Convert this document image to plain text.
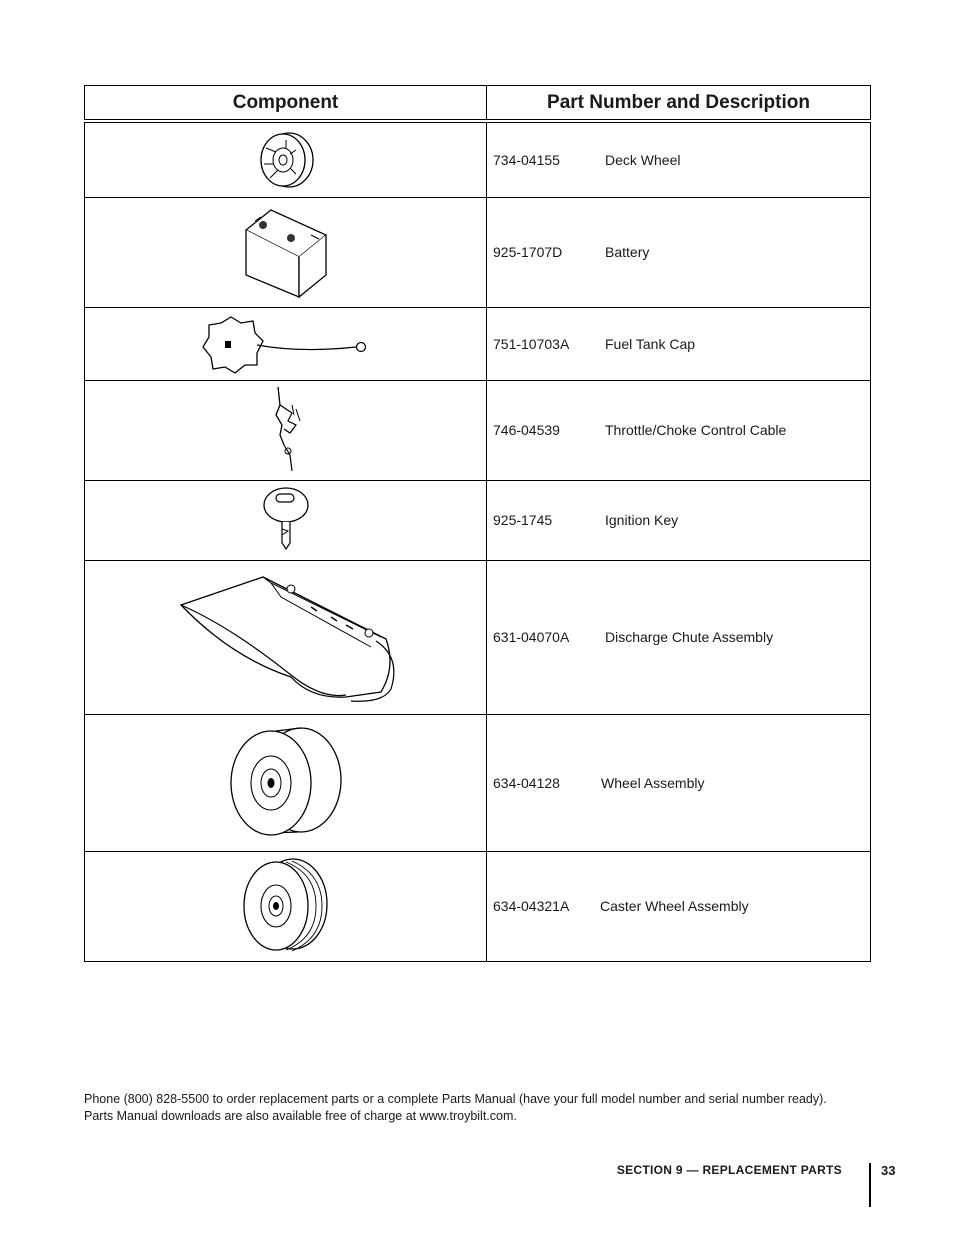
Component	Part Number and Description
	734-04155 Deck Wheel
	925-1707D Battery
	751-10703A Fuel Tank Cap
	746-04539 Throttle/Choke Control Cable
	925-1745 Ignition Key
	631-04070A Discharge Chute Assembly
	634-04128 Wheel Assembly
	634-04321A Caster Wheel Assembly

Phone (800) 828-5500 to order replacement parts or a complete Parts Manual (have your full model number and serial number ready).

Parts Manual downloads are also available free of charge at www.troybilt.com.

SECTION 9 — REPLACEMENT PARTS	33
